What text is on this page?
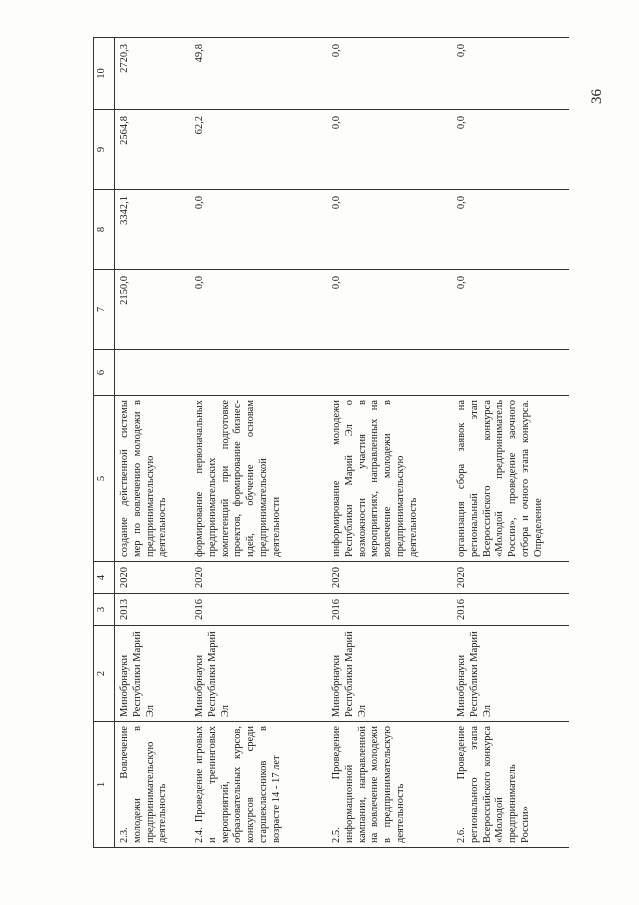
36
1	2	3	4	5	6	7	8	9	10
2.3. Вовлечение молодежи в предпринимательскую деятельность	Минобрнауки Республики Марий Эл	2013	2020	создание действенной системы мер по вовлечению молодежи в предпринимательскую деятельность		2150,0	3342,1	2564,8	2720,3
2.4. Проведение игровых и тренинговых мероприятий, образовательных курсов, конкурсов среди старшеклассников в возрасте 14 - 17 лет	Минобрнауки Республики Марий Эл	2016	2020	формирование первоначальных предпринимательских компетенций при подготовке проектов, формирование бизнес-идей, обучение основам предпринимательской деятельности		0,0	0,0	62,2	49,8
2.5. Проведение информационной кампании, направленной на вовлечение молодежи в предпринимательскую деятельность	Минобрнауки Республики Марий Эл	2016	2020	информирование молодежи Республики Марий Эл о возможности участия в мероприятиях, направленных на вовлечение молодежи в предпринимательскую деятельность		0,0	0,0	0,0	0,0
2.6. Проведение регионального этапа Всероссийского конкурса «Молодой предприниматель России»	Минобрнауки Республики Марий Эл	2016	2020	организация сбора заявок на региональный этап Всероссийского конкурса «Молодой предприниматель России», проведение заочного отбора и очного этапа конкурса. Определение		0,0	0,0	0,0	0,0
